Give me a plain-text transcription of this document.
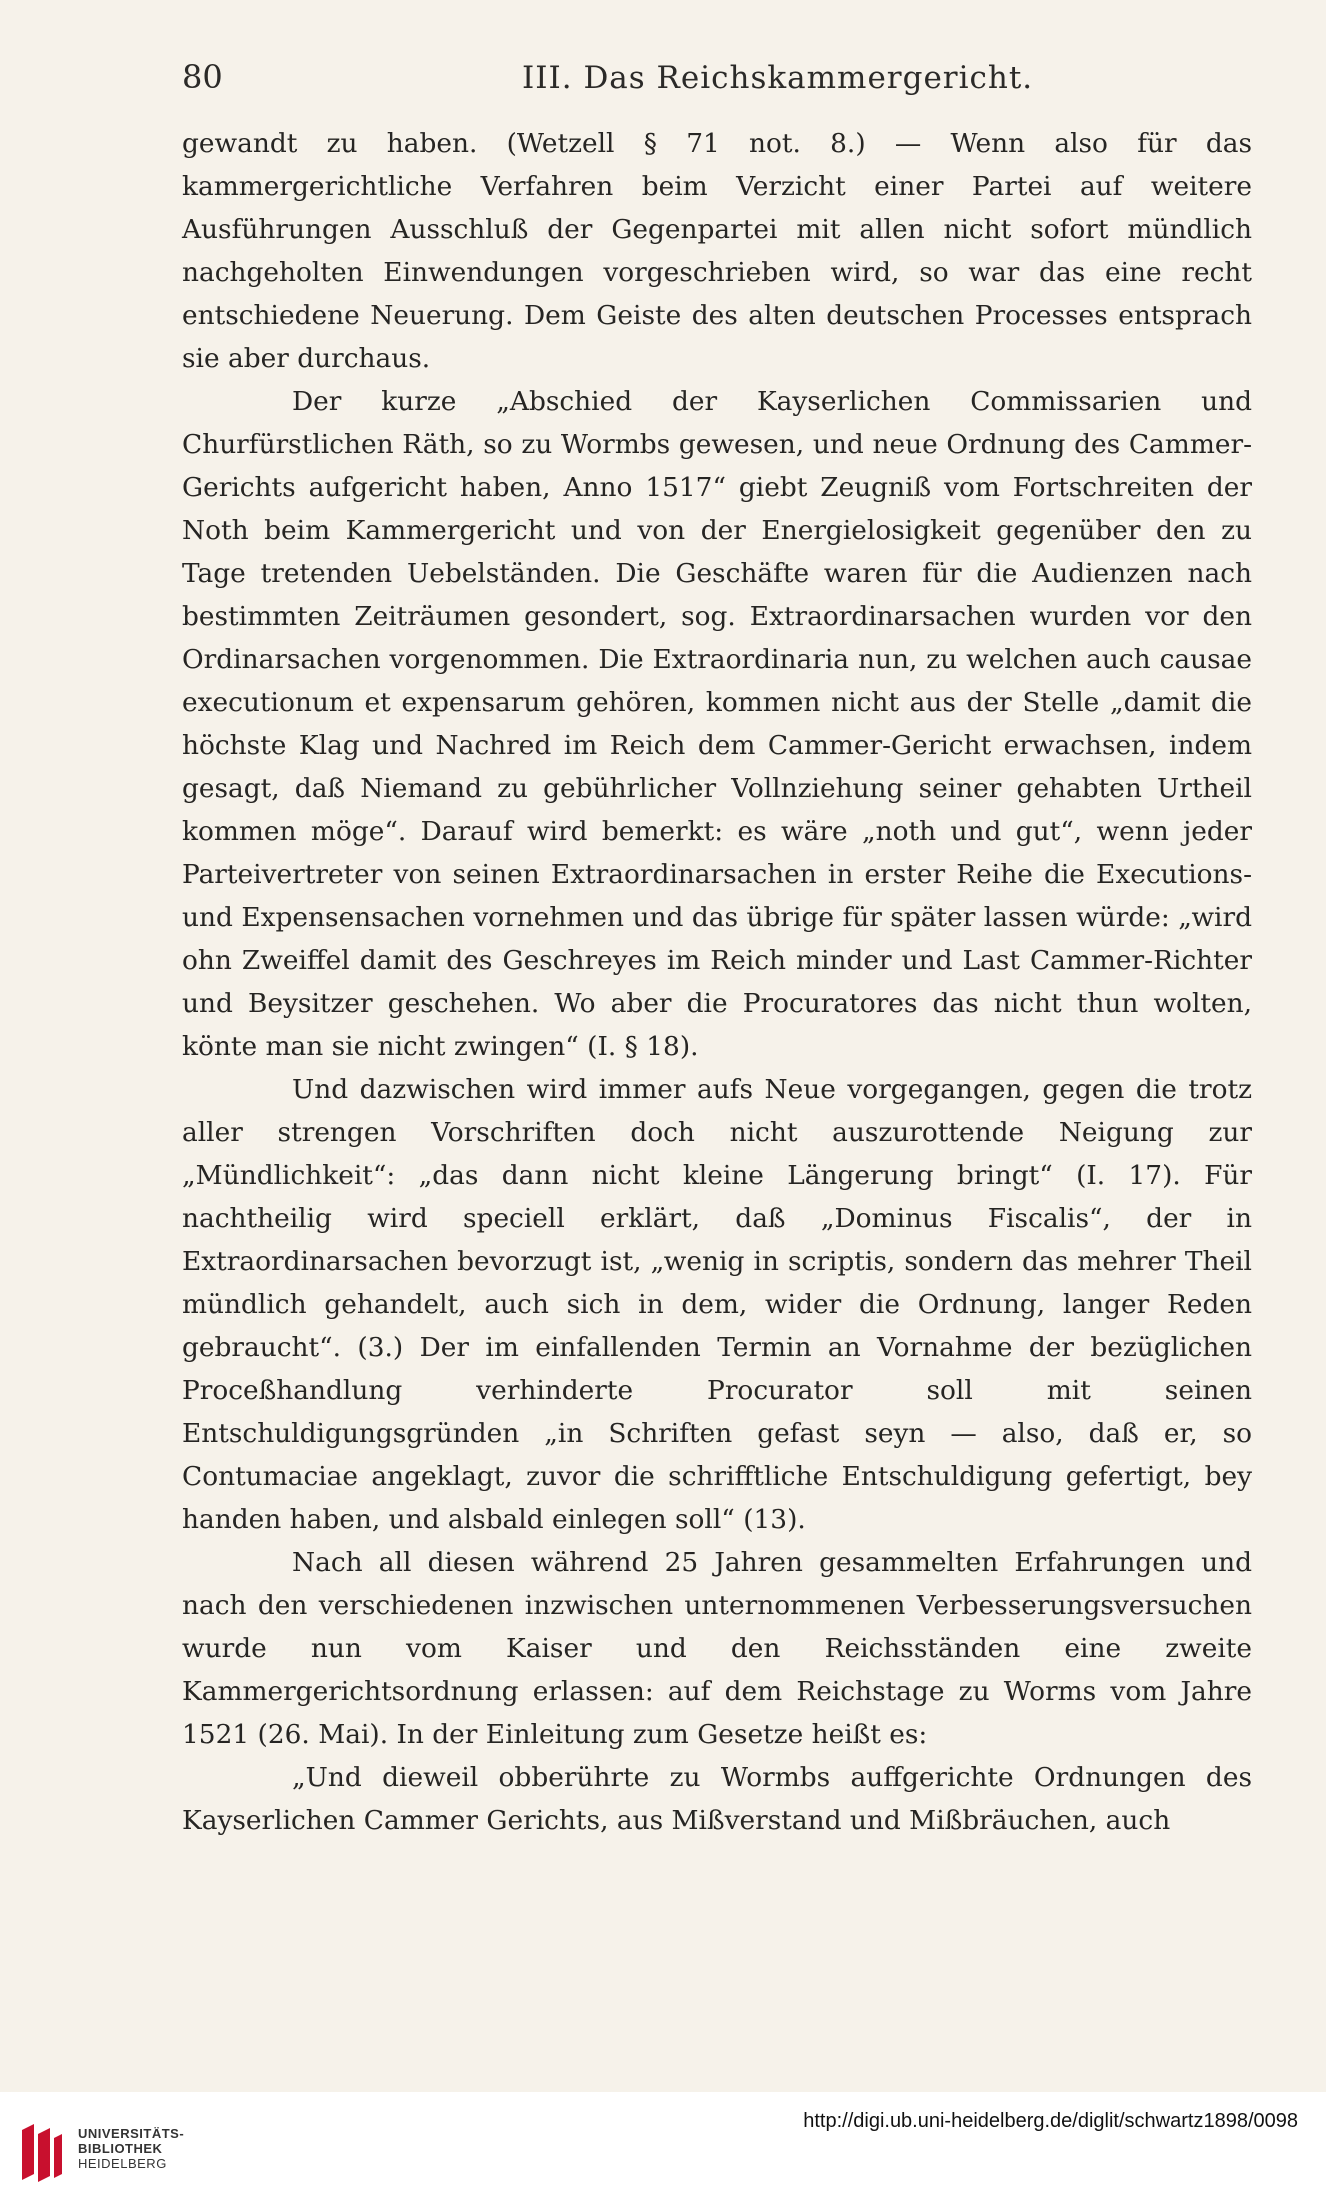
80	III. Das Reichskammergericht.

gewandt zu haben. (Wetzell § 71 not. 8.) — Wenn also für das kammergerichtliche Verfahren beim Verzicht einer Partei auf weitere Ausführungen Ausschluß der Gegenpartei mit allen nicht sofort mündlich nachgeholten Einwendungen vorgeschrieben wird, so war das eine recht entschiedene Neuerung. Dem Geiste des alten deutschen Processes entsprach sie aber durchaus.

Der kurze „Abschied der Kayserlichen Commissarien und Churfürstlichen Räth, so zu Wormbs gewesen, und neue Ordnung des Cammer-Gerichts aufgericht haben, Anno 1517“ giebt Zeugniß vom Fortschreiten der Noth beim Kammergericht und von der Energielosigkeit gegenüber den zu Tage tretenden Uebelständen. Die Geschäfte waren für die Audienzen nach bestimmten Zeiträumen gesondert, sog. Extraordinarsachen wurden vor den Ordinarsachen vorgenommen. Die Extraordinaria nun, zu welchen auch causae executionum et expensarum gehören, kommen nicht aus der Stelle „damit die höchste Klag und Nachred im Reich dem Cammer-Gericht erwachsen, indem gesagt, daß Niemand zu gebührlicher Vollnziehung seiner gehabten Urtheil kommen möge“. Darauf wird bemerkt: es wäre „noth und gut“, wenn jeder Parteivertreter von seinen Extraordinarsachen in erster Reihe die Executions- und Expensensachen vornehmen und das übrige für später lassen würde: „wird ohn Zweiffel damit des Geschreyes im Reich minder und Last Cammer-Richter und Beysitzer geschehen. Wo aber die Procuratores das nicht thun wolten, könte man sie nicht zwingen“ (I. § 18).

Und dazwischen wird immer aufs Neue vorgegangen, gegen die trotz aller strengen Vorschriften doch nicht auszurottende Neigung zur „Mündlichkeit“: „das dann nicht kleine Längerung bringt“ (I. 17). Für nachtheilig wird speciell erklärt, daß „Dominus Fiscalis“, der in Extraordinarsachen bevorzugt ist, „wenig in scriptis, sondern das mehrer Theil mündlich gehandelt, auch sich in dem, wider die Ordnung, langer Reden gebraucht“. (3.) Der im einfallenden Termin an Vornahme der bezüglichen Proceßhandlung verhinderte Procurator soll mit seinen Entschuldigungsgründen „in Schriften gefast seyn — also, daß er, so Contumaciae angeklagt, zuvor die schrifftliche Entschuldigung gefertigt, bey handen haben, und alsbald einlegen soll“ (13).

Nach all diesen während 25 Jahren gesammelten Erfahrungen und nach den verschiedenen inzwischen unternommenen Verbesserungsversuchen wurde nun vom Kaiser und den Reichsständen eine zweite Kammergerichtsordnung erlassen: auf dem Reichstage zu Worms vom Jahre 1521 (26. Mai). In der Einleitung zum Gesetze heißt es:

„Und dieweil obberührte zu Wormbs auffgerichte Ordnungen des Kayserlichen Cammer Gerichts, aus Mißverstand und Mißbräuchen, auch

UNIVERSITÄTS-
BIBLIOTHEK
HEIDELBERG
http://digi.ub.uni-heidelberg.de/diglit/schwartz1898/0098
